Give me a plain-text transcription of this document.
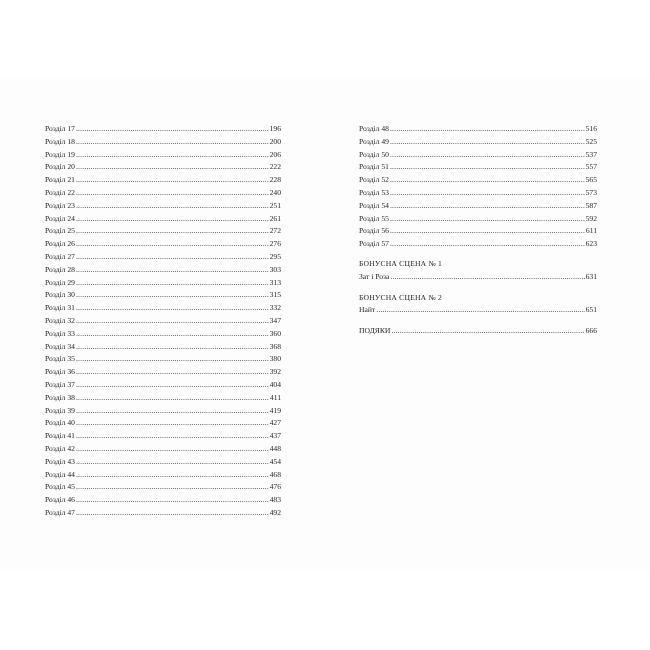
Розділ 17 .....	196
Розділ 18 .....	200
Розділ 19 .....	206
Розділ 20 .....	222
Розділ 21 .....	228
Розділ 22 .....	240
Розділ 23 .....	251
Розділ 24 .....	261
Розділ 25 .....	272
Розділ 26 .....	276
Розділ 27 .....	295
Розділ 28 .....	303
Розділ 29 .....	313
Розділ 30 .....	315
Розділ 31 .....	332
Розділ 32 .....	347
Розділ 33 .....	360
Розділ 34 .....	368
Розділ 35 .....	380
Розділ 36 .....	392
Розділ 37 .....	404
Розділ 38 .....	411
Розділ 39 .....	419
Розділ 40 .....	427
Розділ 41 .....	437
Розділ 42 .....	448
Розділ 43 .....	454
Розділ 44 .....	468
Розділ 45 .....	476
Розділ 46 .....	483
Розділ 47 .....	492
Розділ 48 .....	516
Розділ 49 .....	525
Розділ 50 .....	537
Розділ 51 .....	557
Розділ 52 .....	565
Розділ 53 .....	573
Розділ 54 .....	587
Розділ 55 .....	592
Розділ 56 .....	611
Розділ 57 .....	623
БОНУСНА СЦЕНА № 1
Зат і Роза .....	631
БОНУСНА СЦЕНА № 2
Найт .....	651
ПОДЯКИ .....	666
